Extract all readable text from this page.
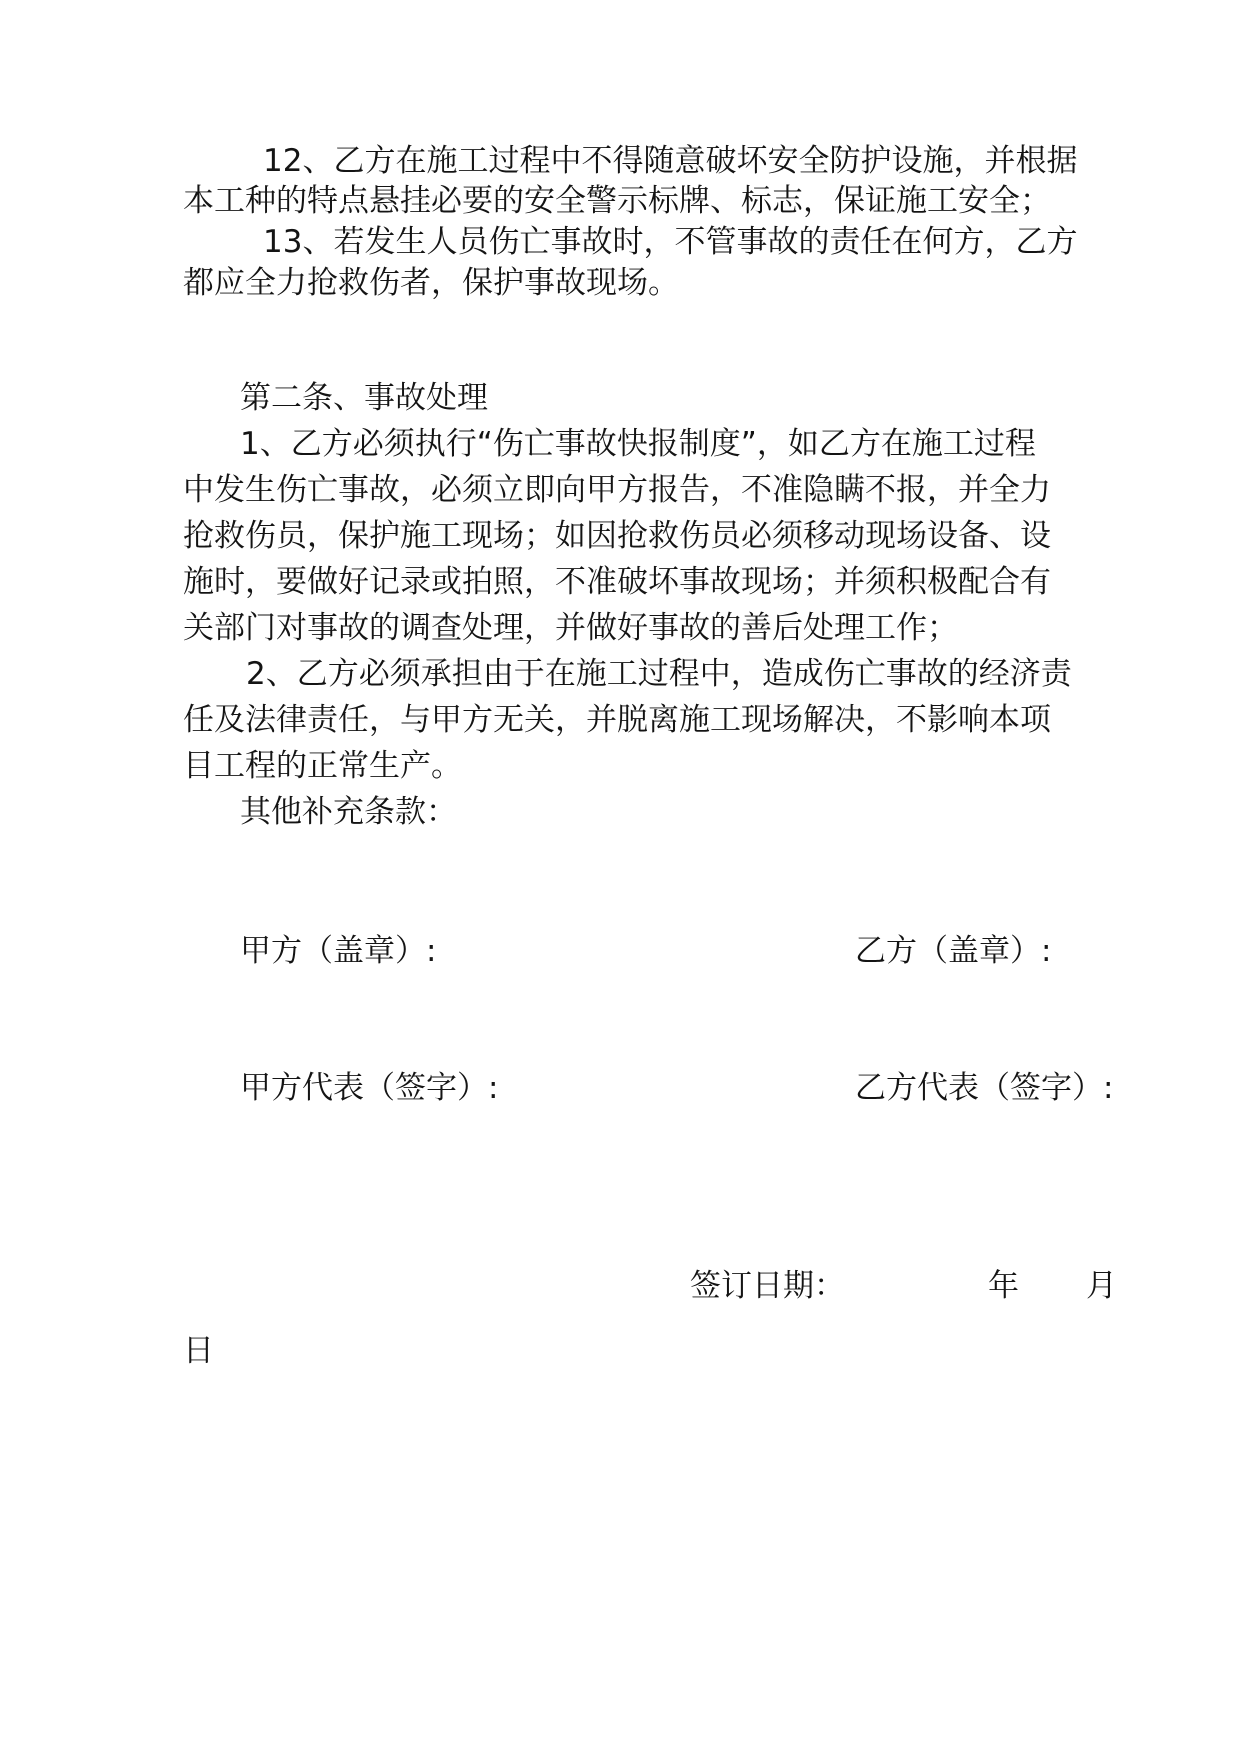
12、乙方在施工过程中不得随意破坏安全防护设施，并根据

本工种的特点悬挂必要的安全警示标牌、标志，保证施工安全；

13、若发生人员伤亡事故时，不管事故的责任在何方，乙方

都应全力抢救伤者，保护事故现场。

第二条、事故处理

1、乙方必须执行“伤亡事故快报制度”，如乙方在施工过程

中发生伤亡事故，必须立即向甲方报告，不准隐瞒不报，并全力

抢救伤员，保护施工现场；如因抢救伤员必须移动现场设备、设

施时，要做好记录或拍照，不准破坏事故现场；并须积极配合有

关部门对事故的调查处理，并做好事故的善后处理工作；

2、乙方必须承担由于在施工过程中，造成伤亡事故的经济责

任及法律责任，与甲方无关，并脱离施工现场解决，不影响本项

目工程的正常生产。

其他补充条款：

甲方（盖章）:	乙方（盖章）:

甲方代表（签字）:	乙方代表（签字）:

签订日期：	年 月

日
